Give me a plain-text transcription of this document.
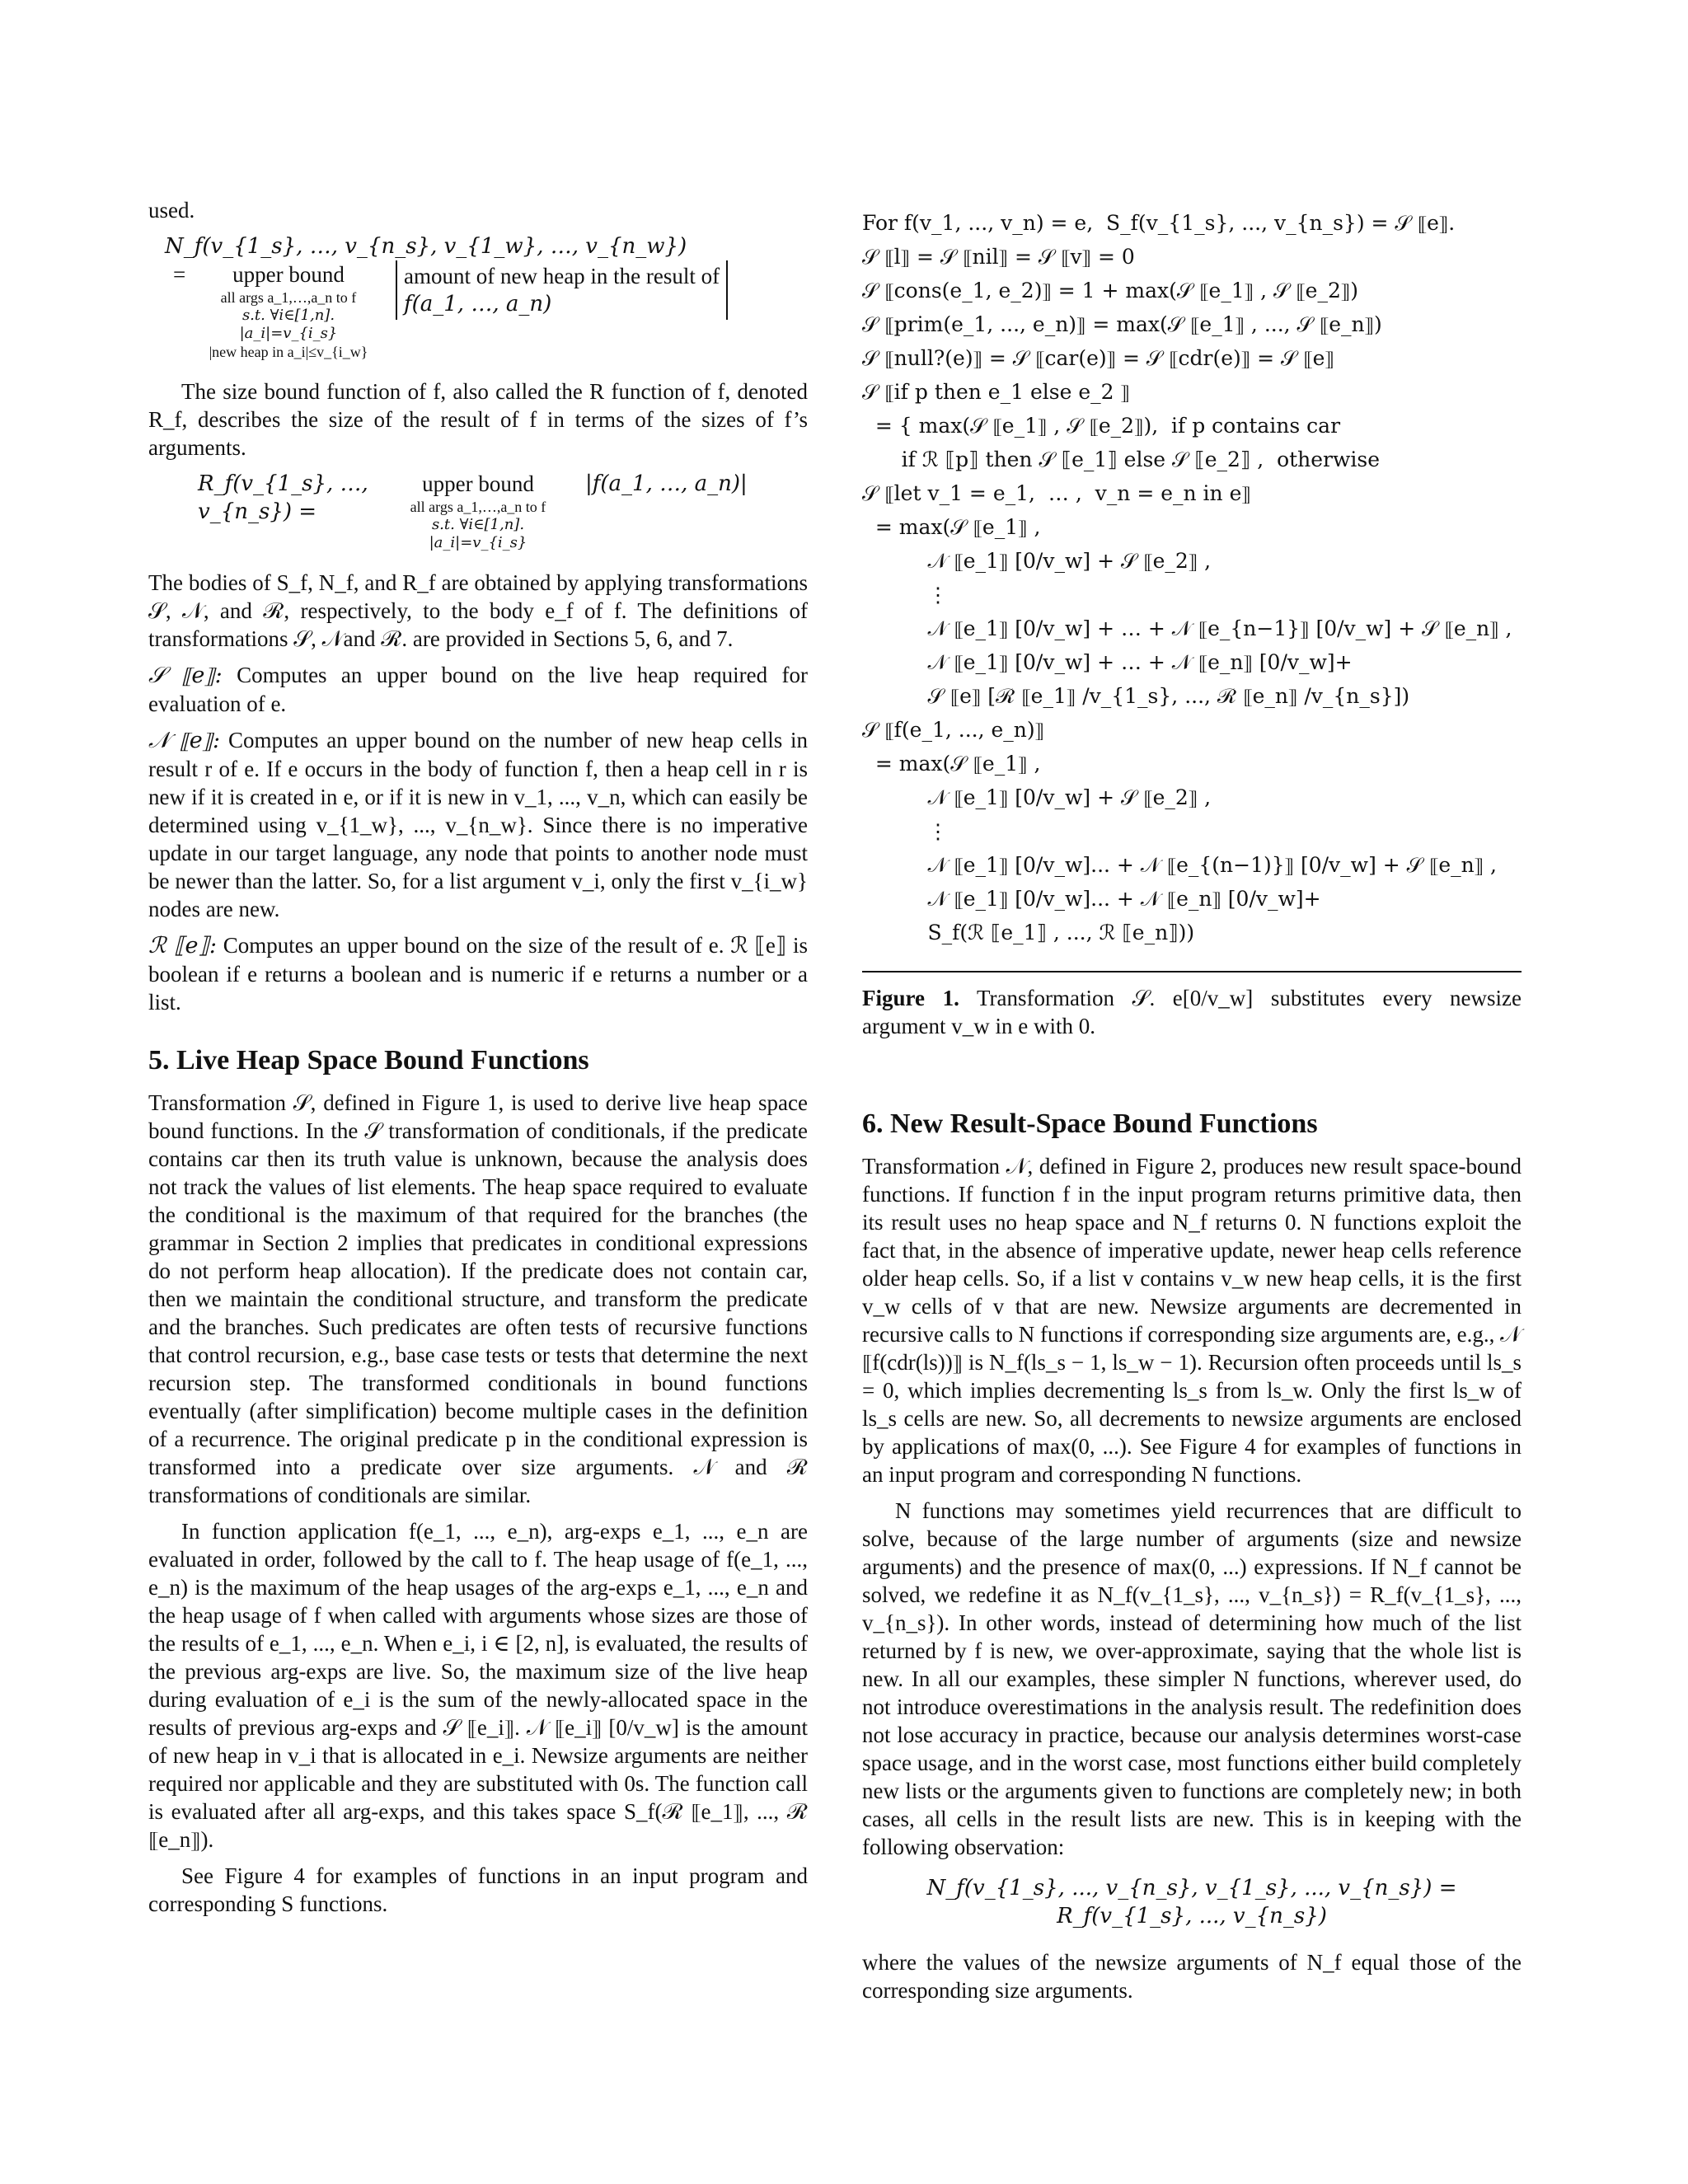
used.

N_f(v_{1_s}, …, v_{n_s}, v_{1_w}, …, v_{n_w})
=	upper bound
all args a_1,…,a_n to f
s.t. ∀i∈[1,n]. |a_i|=v_{i_s}
|new heap in a_i|≤v_{i_w}
amount of new heap in the result of
f(a_1, …, a_n)

The size bound function of f, also called the R function of f, denoted R_f, describes the size of the result of f in terms of the sizes of f’s arguments.

R_f(v_{1_s}, …, v_{n_s}) =
upper bound
all args a_1,…,a_n to f
s.t. ∀i∈[1,n]. |a_i|=v_{i_s}
|f(a_1, …, a_n)|

The bodies of S_f, N_f, and R_f are obtained by applying transformations 𝒮, 𝒩, and ℛ, respectively, to the body e_f of f. The definitions of transformations 𝒮, 𝒩and ℛ. are provided in Sections 5, 6, and 7.

𝒮 ⟦e⟧: Computes an upper bound on the live heap required for evaluation of e.

𝒩 ⟦e⟧: Computes an upper bound on the number of new heap cells in result r of e. If e occurs in the body of function f, then a heap cell in r is new if it is created in e, or if it is new in v_1, ..., v_n, which can easily be determined using v_{1_w}, ..., v_{n_w}. Since there is no imperative update in our target language, any node that points to another node must be newer than the latter. So, for a list argument v_i, only the first v_{i_w} nodes are new.

ℛ ⟦e⟧: Computes an upper bound on the size of the result of e. ℛ ⟦e⟧ is boolean if e returns a boolean and is numeric if e returns a number or a list.

5. Live Heap Space Bound Functions

Transformation 𝒮, defined in Figure 1, is used to derive live heap space bound functions. In the 𝒮 transformation of conditionals, if the predicate contains car then its truth value is unknown, because the analysis does not track the values of list elements. The heap space required to evaluate the conditional is the maximum of that required for the branches (the grammar in Section 2 implies that predicates in conditional expressions do not perform heap allocation). If the predicate does not contain car, then we maintain the conditional structure, and transform the predicate and the branches. Such predicates are often tests of recursive functions that control recursion, e.g., base case tests or tests that determine the next recursion step. The transformed conditionals in bound functions eventually (after simplification) become multiple cases in the definition of a recurrence. The original predicate p in the conditional expression is transformed into a predicate over size arguments. 𝒩 and ℛ transformations of conditionals are similar.

In function application f(e_1, ..., e_n), arg-exps e_1, ..., e_n are evaluated in order, followed by the call to f. The heap usage of f(e_1, ..., e_n) is the maximum of the heap usages of the arg-exps e_1, ..., e_n and the heap usage of f when called with arguments whose sizes are those of the results of e_1, ..., e_n. When e_i, i ∈ [2, n], is evaluated, the results of the previous arg-exps are live. So, the maximum size of the live heap during evaluation of e_i is the sum of the newly-allocated space in the results of previous arg-exps and 𝒮 ⟦e_i⟧. 𝒩 ⟦e_i⟧ [0/v_w] is the amount of new heap in v_i that is allocated in e_i. Newsize arguments are neither required nor applicable and they are substituted with 0s. The function call is evaluated after all arg-exps, and this takes space S_f(ℛ ⟦e_1⟧, ..., ℛ ⟦e_n⟧).

See Figure 4 for examples of functions in an input program and corresponding S functions.

For f(v_1, ..., v_n) = e,  S_f(v_{1_s}, ..., v_{n_s}) = 𝒮 ⟦e⟧.
𝒮 ⟦l⟧ = 𝒮 ⟦nil⟧ = 𝒮 ⟦v⟧ = 0
𝒮 ⟦cons(e_1, e_2)⟧ = 1 + max(𝒮 ⟦e_1⟧ , 𝒮 ⟦e_2⟧)
𝒮 ⟦prim(e_1, ..., e_n)⟧ = max(𝒮 ⟦e_1⟧ , ..., 𝒮 ⟦e_n⟧)
𝒮 ⟦null?(e)⟧ = 𝒮 ⟦car(e)⟧ = 𝒮 ⟦cdr(e)⟧ = 𝒮 ⟦e⟧
𝒮 ⟦if p then e_1 else e_2 ⟧
= { max(𝒮 ⟦e_1⟧ , 𝒮 ⟦e_2⟧),  if p contains car
if ℛ ⟦p⟧ then 𝒮 ⟦e_1⟧ else 𝒮 ⟦e_2⟧ ,  otherwise
𝒮 ⟦let v_1 = e_1,  … ,  v_n = e_n in e⟧
= max(𝒮 ⟦e_1⟧ ,
𝒩 ⟦e_1⟧ [0/v_w] + 𝒮 ⟦e_2⟧ ,
⋮
𝒩 ⟦e_1⟧ [0/v_w] + … + 𝒩 ⟦e_{n−1}⟧ [0/v_w] + 𝒮 ⟦e_n⟧ ,
𝒩 ⟦e_1⟧ [0/v_w] + … + 𝒩 ⟦e_n⟧ [0/v_w]+
𝒮 ⟦e⟧ [ℛ ⟦e_1⟧ /v_{1_s}, ..., ℛ ⟦e_n⟧ /v_{n_s}])
𝒮 ⟦f(e_1, ..., e_n)⟧
= max(𝒮 ⟦e_1⟧ ,
𝒩 ⟦e_1⟧ [0/v_w] + 𝒮 ⟦e_2⟧ ,
⋮
𝒩 ⟦e_1⟧ [0/v_w]... + 𝒩 ⟦e_{(n−1)}⟧ [0/v_w] + 𝒮 ⟦e_n⟧ ,
𝒩 ⟦e_1⟧ [0/v_w]... + 𝒩 ⟦e_n⟧ [0/v_w]+
S_f(ℛ ⟦e_1⟧ , ..., ℛ ⟦e_n⟧))

Figure 1. Transformation 𝒮. e[0/v_w] substitutes every newsize argument v_w in e with 0.

6. New Result-Space Bound Functions

Transformation 𝒩, defined in Figure 2, produces new result space-bound functions. If function f in the input program returns primitive data, then its result uses no heap space and N_f returns 0. N functions exploit the fact that, in the absence of imperative update, newer heap cells reference older heap cells. So, if a list v contains v_w new heap cells, it is the first v_w cells of v that are new. Newsize arguments are decremented in recursive calls to N functions if corresponding size arguments are, e.g., 𝒩 ⟦f(cdr(ls))⟧ is N_f(ls_s − 1, ls_w − 1). Recursion often proceeds until ls_s = 0, which implies decrementing ls_s from ls_w. Only the first ls_w of ls_s cells are new. So, all decrements to newsize arguments are enclosed by applications of max(0, ...). See Figure 4 for examples of functions in an input program and corresponding N functions.

N functions may sometimes yield recurrences that are difficult to solve, because of the large number of arguments (size and newsize arguments) and the presence of max(0, ...) expressions. If N_f cannot be solved, we redefine it as N_f(v_{1_s}, ..., v_{n_s}) = R_f(v_{1_s}, ..., v_{n_s}). In other words, instead of determining how much of the list returned by f is new, we over-approximate, saying that the whole list is new. In all our examples, these simpler N functions, wherever used, do not introduce overestimations in the analysis result. The redefinition does not lose accuracy in practice, because our analysis determines worst-case space usage, and in the worst case, most functions either build completely new lists or the arguments given to functions are completely new; in both cases, all cells in the result lists are new. This is in keeping with the following observation:

N_f(v_{1_s}, ..., v_{n_s}, v_{1_s}, ..., v_{n_s}) = R_f(v_{1_s}, ..., v_{n_s})

where the values of the newsize arguments of N_f equal those of the corresponding size arguments.
